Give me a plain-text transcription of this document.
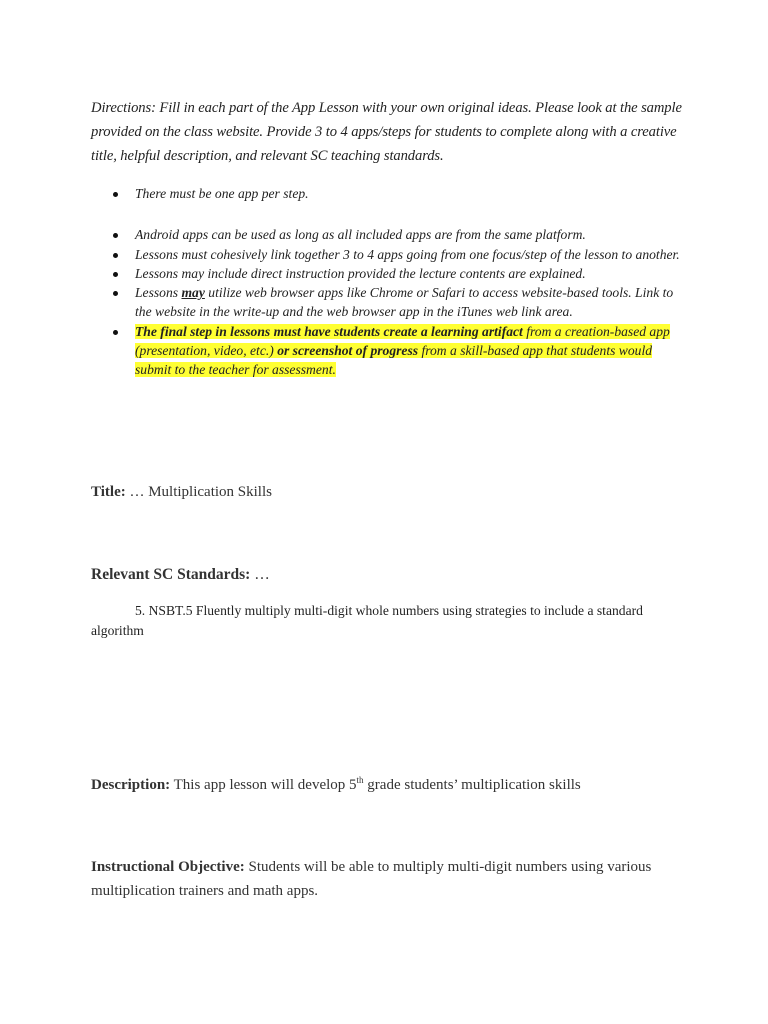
Directions: Fill in each part of the App Lesson with your own original ideas. Please look at the sample provided on the class website. Provide 3 to 4 apps/steps for students to complete along with a creative title, helpful description, and relevant SC teaching standards.
There must be one app per step.
Android apps can be used as long as all included apps are from the same platform.
Lessons must cohesively link together 3 to 4 apps going from one focus/step of the lesson to another.
Lessons may include direct instruction provided the lecture contents are explained.
Lessons may utilize web browser apps like Chrome or Safari to access website-based tools. Link to the website in the write-up and the web browser app in the iTunes web link area.
The final step in lessons must have students create a learning artifact from a creation-based app (presentation, video, etc.) or screenshot of progress from a skill-based app that students would submit to the teacher for assessment.
Title: … Multiplication Skills
Relevant SC Standards: …
5. NSBT.5 Fluently multiply multi-digit whole numbers using strategies to include a standard algorithm
Description: This app lesson will develop 5th grade students’ multiplication skills
Instructional Objective: Students will be able to multiply multi-digit numbers using various multiplication trainers and math apps.
